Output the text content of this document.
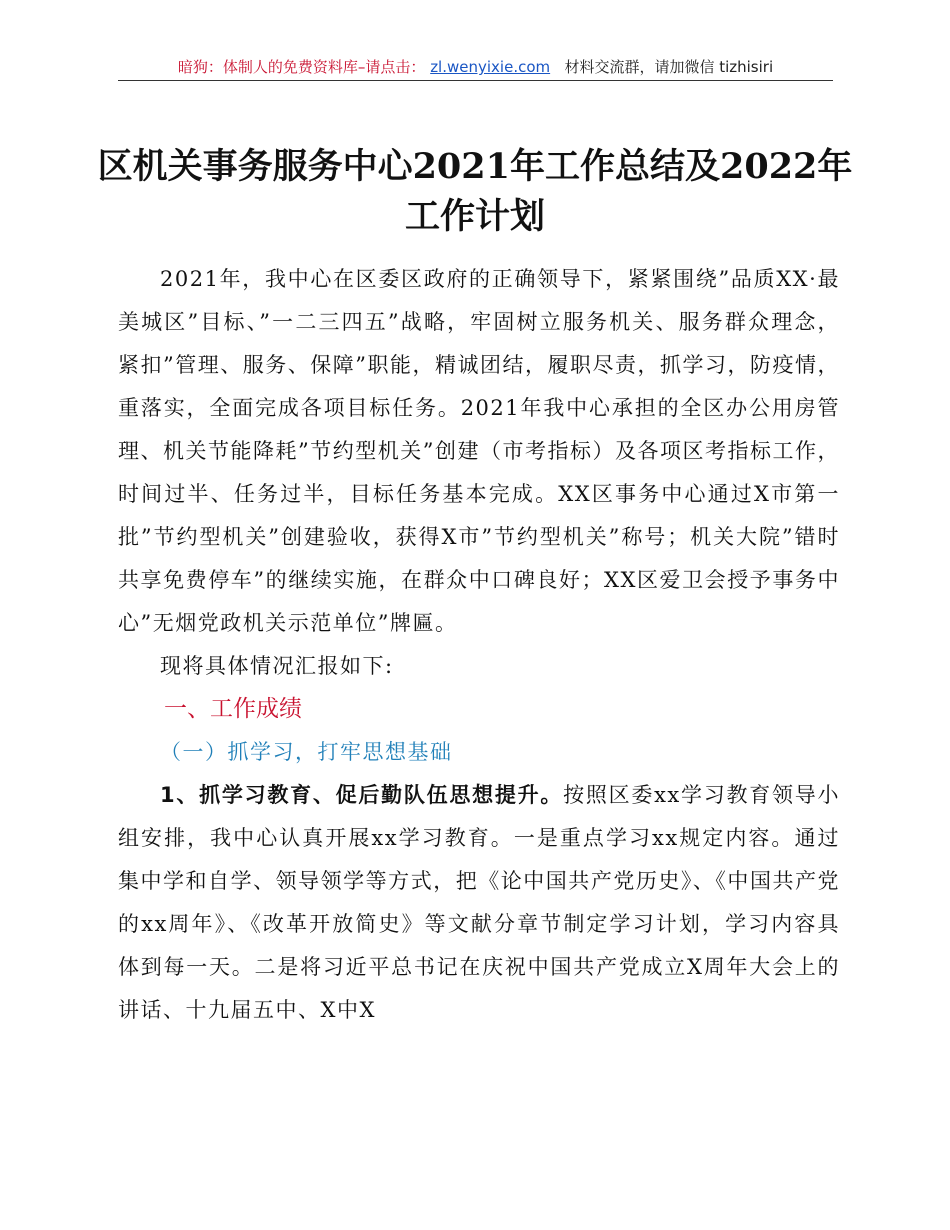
暗狗：体制人的免费资料库–请点击： zl.wenyixie.com 材料交流群，请加微信 tizhisiri
区机关事务服务中心2021年工作总结及2022年
工作计划

2021年，我中心在区委区政府的正确领导下，紧紧围绕”品质XX·最美城区”目标、”一二三四五”战略，牢固树立服务机关、服务群众理念，紧扣”管理、服务、保障”职能，精诚团结，履职尽责，抓学习，防疫情，重落实，全面完成各项目标任务。2021年我中心承担的全区办公用房管理、机关节能降耗”节约型机关”创建（市考指标）及各项区考指标工作，时间过半、任务过半，目标任务基本完成。XX区事务中心通过X市第一批”节约型机关”创建验收，获得X市”节约型机关”称号；机关大院”错时共享免费停车”的继续实施，在群众中口碑良好；XX区爱卫会授予事务中心”无烟党政机关示范单位”牌匾。

现将具体情况汇报如下:

一、工作成绩

（一）抓学习，打牢思想基础

1、抓学习教育、促后勤队伍思想提升。按照区委xx学习教育领导小组安排，我中心认真开展xx学习教育。一是重点学习xx规定内容。通过集中学和自学、领导领学等方式，把《论中国共产党历史》、《中国共产党的xx周年》、《改革开放简史》等文献分章节制定学习计划，学习内容具体到每一天。二是将习近平总书记在庆祝中国共产党成立X周年大会上的讲话、十九届五中、X中X
